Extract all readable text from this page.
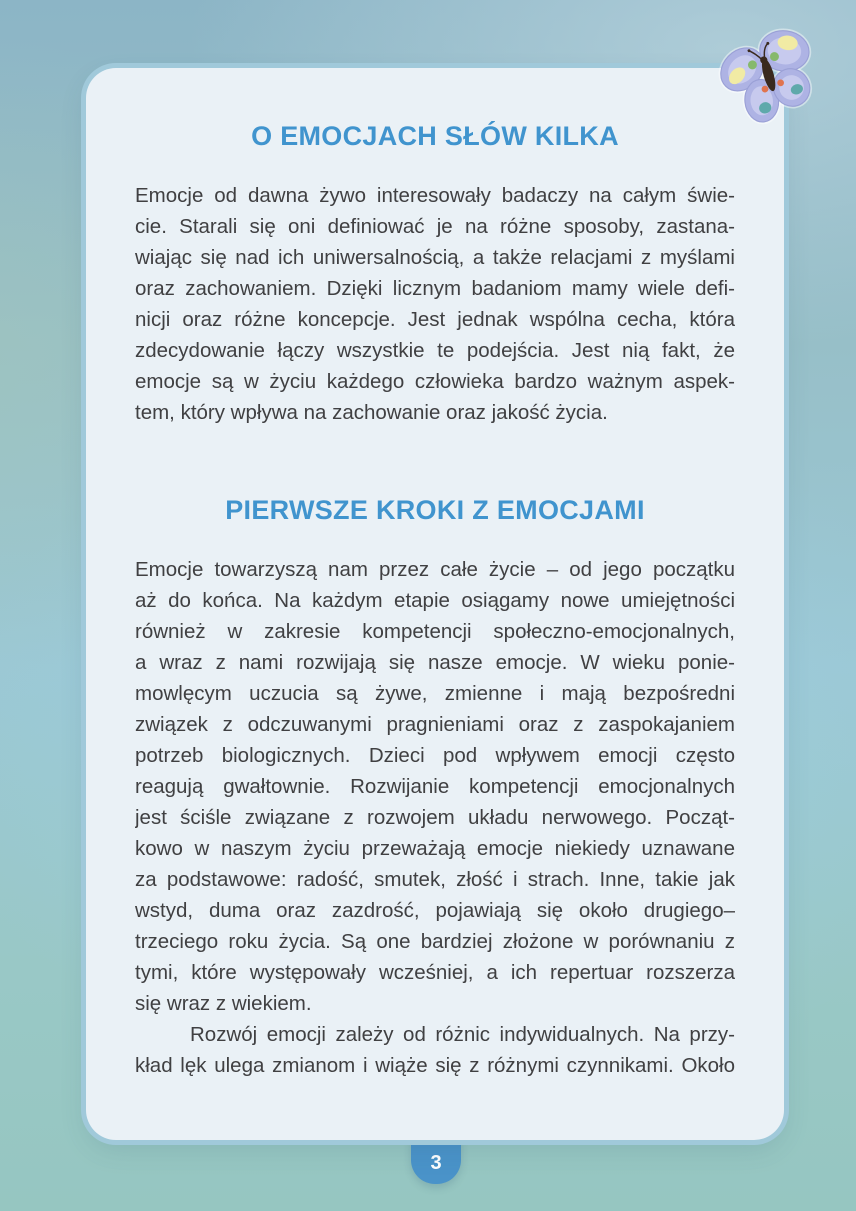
3
O EMOCJACH SŁÓW KILKA
Emocje od dawna żywo interesowały badaczy na całym świe-
cie. Starali się oni definiować je na różne sposoby, zastana-
wiając się nad ich uniwersalnością, a także relacjami z myślami
oraz zachowaniem. Dzięki licznym badaniom mamy wiele defi-
nicji oraz różne koncepcje. Jest jednak wspólna cecha, która
zdecydowanie łączy wszystkie te podejścia. Jest nią fakt, że
emocje są w życiu każdego człowieka bardzo ważnym aspek-
tem, który wpływa na zachowanie oraz jakość życia.
PIERWSZE KROKI Z EMOCJAMI
Emocje towarzyszą nam przez całe życie – od jego początku
aż do końca. Na każdym etapie osiągamy nowe umiejętności
również w zakresie kompetencji społeczno-emocjonalnych,
a wraz z nami rozwijają się nasze emocje. W wieku ponie-
mowlęcym uczucia są żywe, zmienne i mają bezpośredni
związek z odczuwanymi pragnieniami oraz z zaspokajaniem
potrzeb biologicznych. Dzieci pod wpływem emocji często
reagują gwałtownie. Rozwijanie kompetencji emocjonalnych
jest ściśle związane z rozwojem układu nerwowego. Począt-
kowo w naszym życiu przeważają emocje niekiedy uznawane
za podstawowe: radość, smutek, złość i strach. Inne, takie jak
wstyd, duma oraz zazdrość, pojawiają się około drugiego–
trzeciego roku życia. Są one bardziej złożone w porównaniu z
tymi, które występowały wcześniej, a ich repertuar rozszerza
się wraz z wiekiem.
Rozwój emocji zależy od różnic indywidualnych. Na przy-
kład lęk ulega zmianom i wiąże się z różnymi czynnikami. Około
